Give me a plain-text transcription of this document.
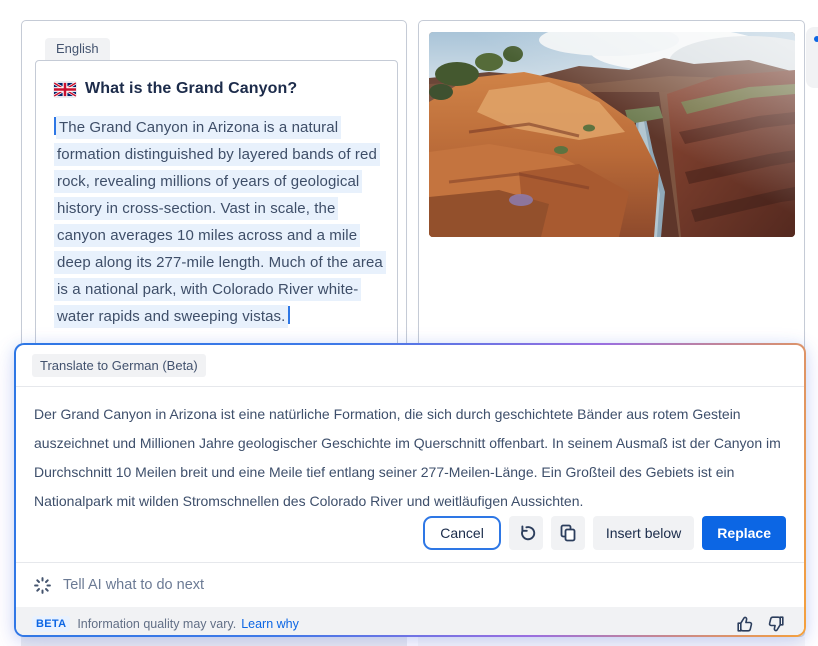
English
What is the Grand Canyon?

The Grand Canyon in Arizona is a natural formation distinguished by layered bands of red rock, revealing millions of years of geological history in cross-section. Vast in scale, the canyon averages 10 miles across and a mile deep along its 277-mile length. Much of the area is a national park, with Colorado River white-water rapids and sweeping vistas.

Translate to German (Beta)

Der Grand Canyon in Arizona ist eine natürliche Formation, die sich durch geschichtete Bänder aus rotem Gestein auszeichnet und Millionen Jahre geologischer Geschichte im Querschnitt offenbart. In seinem Ausmaß ist der Canyon im Durchschnitt 10 Meilen breit und eine Meile tief entlang seiner 277-Meilen-Länge. Ein Großteil des Gebiets ist ein Nationalpark mit wilden Stromschnellen des Colorado River und weitläufigen Aussichten.

Cancel	Insert below	Replace
Tell AI what to do next
BETA Information quality may vary. Learn why
